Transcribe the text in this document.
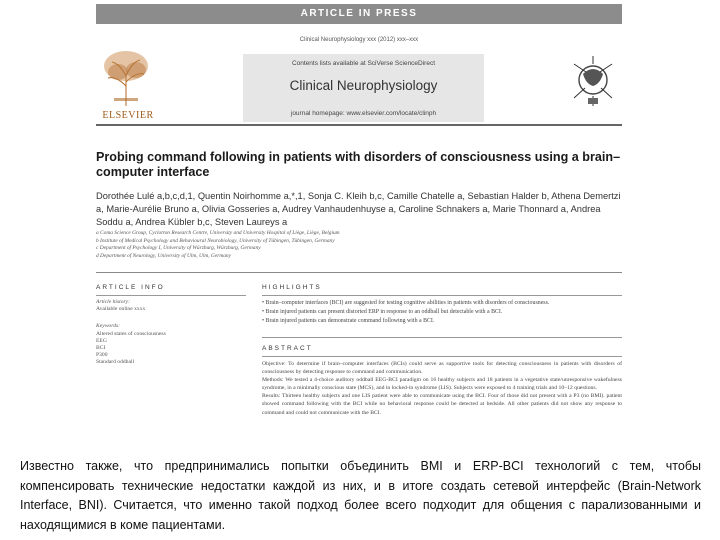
ARTICLE IN PRESS
Clinical Neurophysiology xxx (2012) xxx–xxx
ELSEVIER
Contents lists available at SciVerse ScienceDirect
Clinical Neurophysiology
journal homepage: www.elsevier.com/locate/clinph
Probing command following in patients with disorders of consciousness using a brain–computer interface
Dorothée Lulé a,b,c,d,1, Quentin Noirhomme a,*,1, Sonja C. Kleih b,c, Camille Chatelle a, Sebastian Halder b, Athena Demertzi a, Marie-Aurélie Bruno a, Olivia Gosseries a, Audrey Vanhaudenhuyse a, Caroline Schnakers a, Marie Thonnard a, Andrea Soddu a, Andrea Kübler b,c, Steven Laureys a

a Coma Science Group, Cyclotron Research Centre, University and University Hospital of Liège, Liège, Belgium

b Institute of Medical Psychology and Behavioural Neurobiology, University of Tübingen, Tübingen, Germany

c Department of Psychology I, University of Würzburg, Würzburg, Germany

d Department of Neurology, University of Ulm, Ulm, Germany

ARTICLE INFO

Article history:

Available online xxxx

Keywords:

Altered states of consciousness

EEG

BCI

P300

Standard oddball

HIGHLIGHTS

• Brain–computer interfaces (BCI) are suggested for testing cognitive abilities in patients with disorders of consciousness.

• Brain injured patients can present distorted ERP in response to an oddball but detectable with a BCI.

• Brain injured patients can demonstrate command following with a BCI.

ABSTRACT

Objective: To determine if brain–computer interfaces (BCIs) could serve as supportive tools for detecting consciousness in patients with disorders of consciousness by detecting response to command and communication.

Methods: We tested a 4-choice auditory oddball EEG-BCI paradigm on 16 healthy subjects and 18 patients in a vegetative state/unresponsive wakefulness syndrome, in a minimally conscious state (MCS), and in locked-in syndrome (LIS). Subjects were exposed to 4 training trials and 10–12 questions.

Results: Thirteen healthy subjects and one LIS patient were able to communicate using the BCI. Four of those did not present with a P3 (no BMI). patient showed command following with the BCI while no behavioral response could be detected at bedside. All other patients did not show any response to command and could not communicate with the BCI.

Известно также, что предпринимались попытки объединить BMI и ERP-BCI технологий с тем, чтобы компенсировать технические недостатки каждой из них, и в итоге создать сетевой интерфейс (Brain-Network Interface, BNI). Считается, что именно такой подход более всего подходит для общения с парализованными и находящимися в коме пациентами.
